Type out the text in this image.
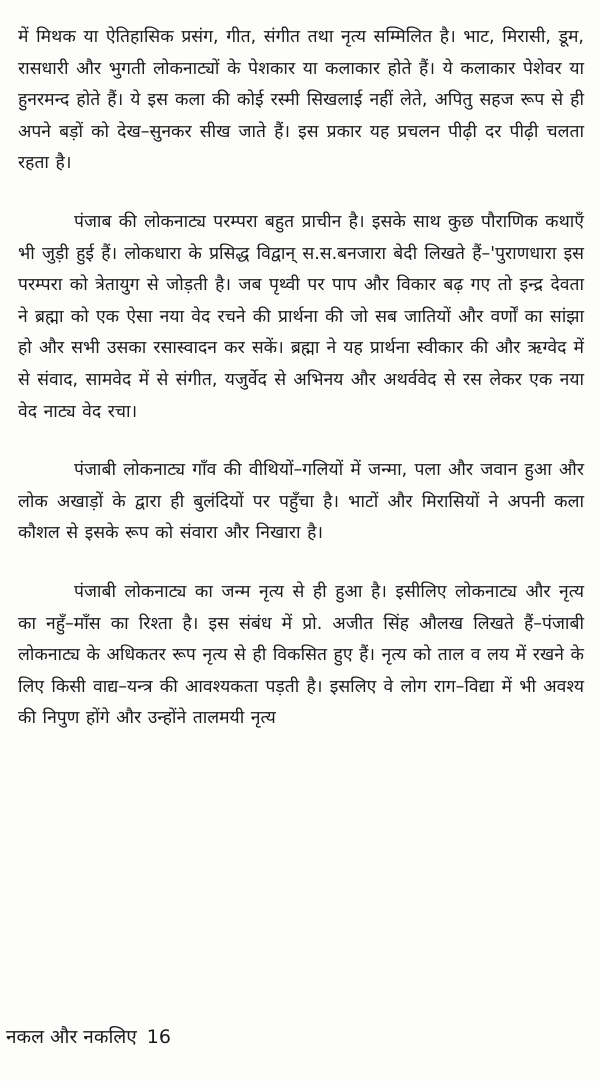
में मिथक या ऐतिहासिक प्रसंग, गीत, संगीत तथा नृत्य सम्मिलित है। भाट, मिरासी, डूम, रासधारी और भुगती लोकनाट्यों के पेशकार या कलाकार होते हैं। ये कलाकार पेशेवर या हुनरमन्द होते हैं। ये इस कला की कोई रस्मी सिखलाई नहीं लेते, अपितु सहज रूप से ही अपने बड़ों को देख–सुनकर सीख जाते हैं। इस प्रकार यह प्रचलन पीढ़ी दर पीढ़ी चलता रहता है।

पंजाब की लोकनाट्य परम्परा बहुत प्राचीन है। इसके साथ कुछ पौराणिक कथाएँ भी जुड़ी हुई हैं। लोकधारा के प्रसिद्ध विद्वान् स.स.बनजारा बेदी लिखते हैं–'पुराणधारा इस परम्परा को त्रेतायुग से जोड़ती है। जब पृथ्वी पर पाप और विकार बढ़ गए तो इन्द्र देवता ने ब्रह्मा को एक ऐसा नया वेद रचने की प्रार्थना की जो सब जातियों और वर्णों का सांझा हो और सभी उसका रसास्वादन कर सकें। ब्रह्मा ने यह प्रार्थना स्वीकार की और ऋग्वेद में से संवाद, सामवेद में से संगीत, यजुर्वेद से अभिनय और अथर्ववेद से रस लेकर एक नया वेद नाट्य वेद रचा।

पंजाबी लोकनाट्य गाँव की वीथियों–गलियों में जन्मा, पला और जवान हुआ और लोक अखाड़ों के द्वारा ही बुलंदियों पर पहुँचा है। भाटों और मिरासियों ने अपनी कला कौशल से इसके रूप को संवारा और निखारा है।

पंजाबी लोकनाट्य का जन्म नृत्य से ही हुआ है। इसीलिए लोकनाट्य और नृत्य का नहुँ–माँस का रिश्ता है। इस संबंध में प्रो. अजीत सिंह औलख लिखते हैं–पंजाबी लोकनाट्य के अधिकतर रूप नृत्य से ही विकसित हुए हैं। नृत्य को ताल व लय में रखने के लिए किसी वाद्य–यन्त्र की आवश्यकता पड़ती है। इसलिए वे लोग राग–विद्या में भी अवश्य की निपुण होंगे और उन्होंने तालमयी नृत्य

नकल और नकलिए 16
